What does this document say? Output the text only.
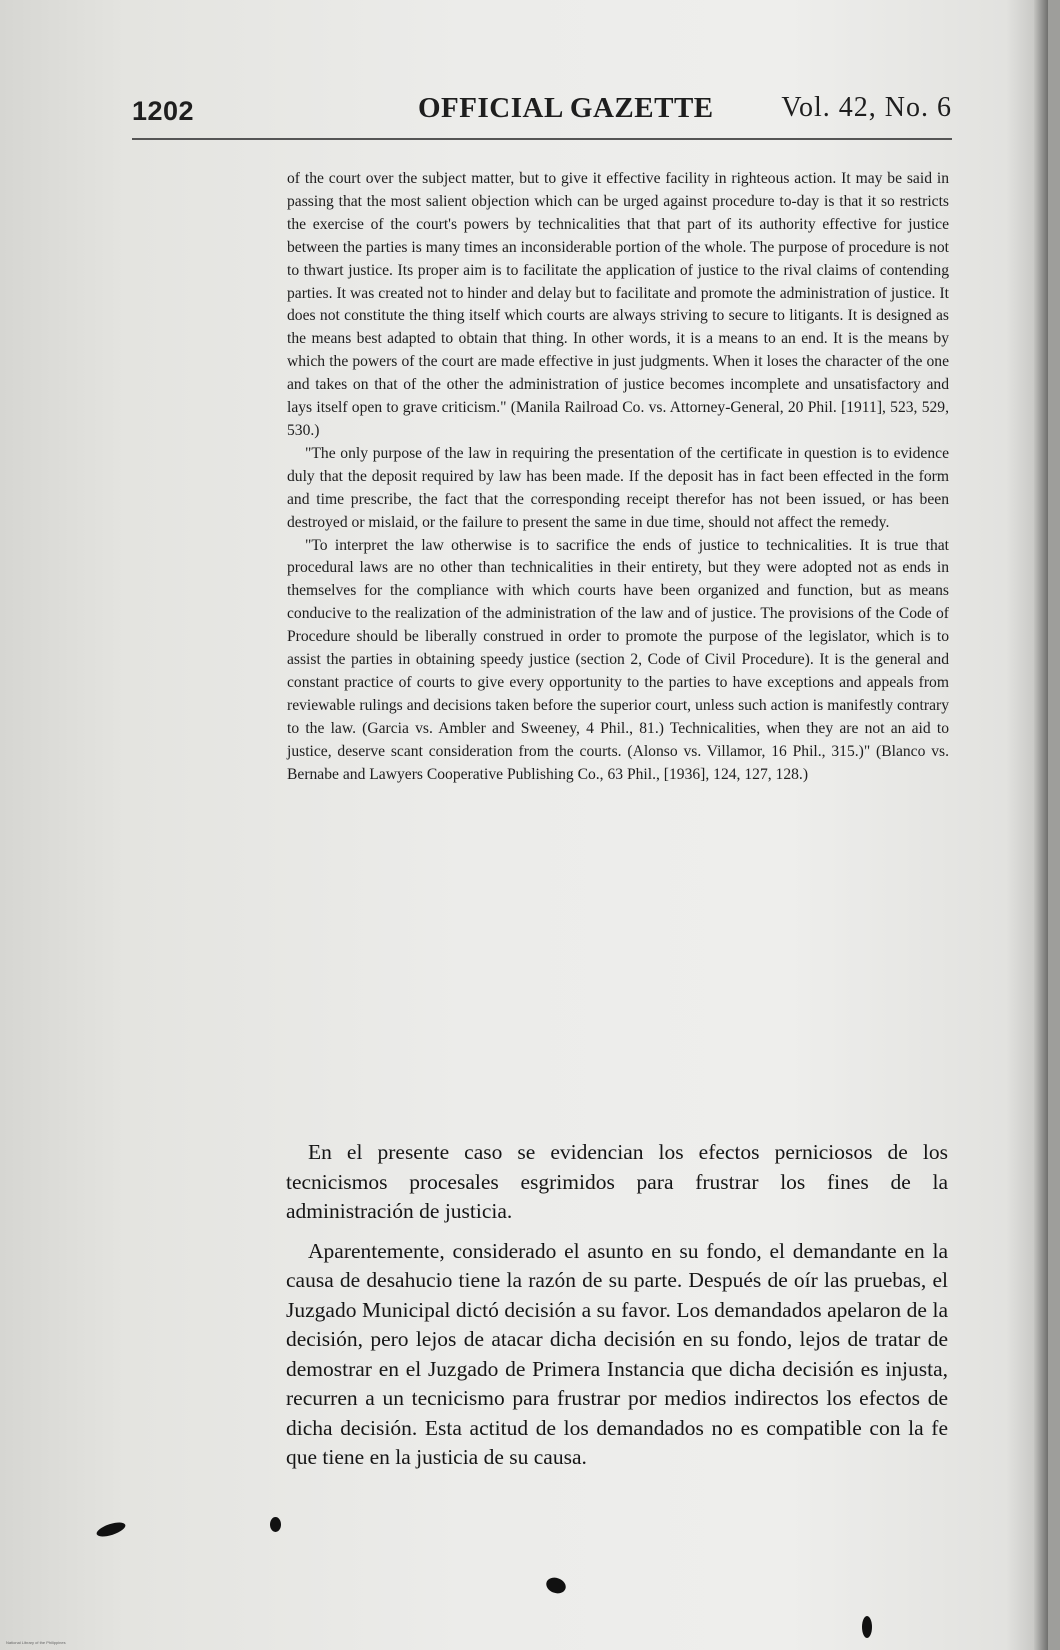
1202	OFFICIAL GAZETTE Vol. 42, No. 6

of the court over the subject matter, but to give it effective facility in righteous action. It may be said in passing that the most salient objection which can be urged against procedure to-day is that it so restricts the exercise of the court's powers by technicalities that that part of its authority effective for justice between the parties is many times an inconsiderable portion of the whole. The purpose of procedure is not to thwart justice. Its proper aim is to facilitate the application of justice to the rival claims of contending parties. It was created not to hinder and delay but to facilitate and promote the administration of justice. It does not constitute the thing itself which courts are always striving to secure to litigants. It is designed as the means best adapted to obtain that thing. In other words, it is a means to an end. It is the means by which the powers of the court are made effective in just judgments. When it loses the character of the one and takes on that of the other the administration of justice becomes incomplete and unsatisfactory and lays itself open to grave criticism." (Manila Railroad Co. vs. Attorney-General, 20 Phil. [1911], 523, 529, 530.)

"The only purpose of the law in requiring the presentation of the certificate in question is to evidence duly that the deposit required by law has been made. If the deposit has in fact been effected in the form and time prescribe, the fact that the corresponding receipt therefor has not been issued, or has been destroyed or mislaid, or the failure to present the same in due time, should not affect the remedy.

"To interpret the law otherwise is to sacrifice the ends of justice to technicalities. It is true that procedural laws are no other than technicalities in their entirety, but they were adopted not as ends in themselves for the compliance with which courts have been organized and function, but as means conducive to the realization of the administration of the law and of justice. The provisions of the Code of Procedure should be liberally construed in order to promote the purpose of the legislator, which is to assist the parties in obtaining speedy justice (section 2, Code of Civil Procedure). It is the general and constant practice of courts to give every opportunity to the parties to have exceptions and appeals from reviewable rulings and decisions taken before the superior court, unless such action is manifestly contrary to the law. (Garcia vs. Ambler and Sweeney, 4 Phil., 81.) Technicalities, when they are not an aid to justice, deserve scant consideration from the courts. (Alonso vs. Villamor, 16 Phil., 315.)" (Blanco vs. Bernabe and Lawyers Cooperative Publishing Co., 63 Phil., [1936], 124, 127, 128.)

En el presente caso se evidencian los efectos perniciosos de los tecnicismos procesales esgrimidos para frustrar los fines de la administración de justicia.

Aparentemente, considerado el asunto en su fondo, el demandante en la causa de desahucio tiene la razón de su parte. Después de oír las pruebas, el Juzgado Municipal dictó decisión a su favor. Los demandados apelaron de la decisión, pero lejos de atacar dicha decisión en su fondo, lejos de tratar de demostrar en el Juzgado de Primera Instancia que dicha decisión es injusta, recurren a un tecnicismo para frustrar por medios indirectos los efectos de dicha decisión. Esta actitud de los demandados no es compatible con la fe que tiene en la justicia de su causa.

National Library of the Philippines
